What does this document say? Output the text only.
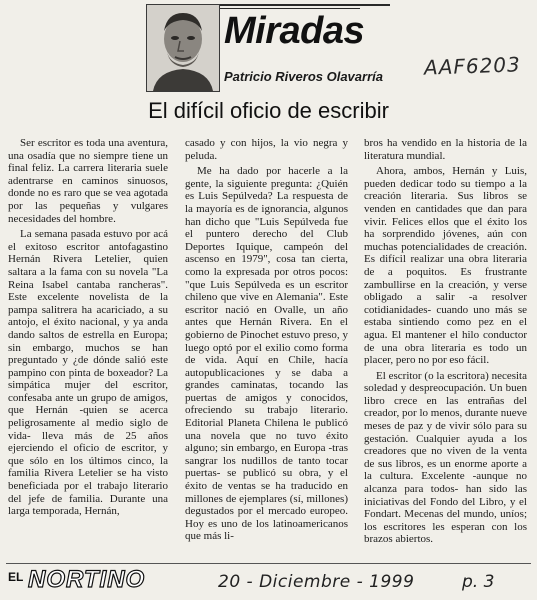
Miradas
Patricio Riveros Olavarría AAF6203
El difícil oficio de escribir

Ser escritor es toda una aventura, una osadía que no siempre tiene un final feliz. La carrera literaria suele adentrarse en caminos sinuosos, donde no es raro que se vea agotada por las pequeñas y vulgares necesidades del hombre.

La semana pasada estuvo por acá el exitoso escritor antofagastino Hernán Rivera Letelier, quien saltara a la fama con su novela "La Reina Isabel cantaba rancheras". Este excelente novelista de la pampa salitrera ha acariciado, a su antojo, el éxito nacional, y ya anda dando saltos de estrella en Europa; sin embargo, muchos se han preguntado y ¿de dónde salió este pampino con pinta de boxeador? La simpática mujer del escritor, confesaba ante un grupo de amigos, que Hernán -quien se acerca peligrosamente al medio siglo de vida- lleva más de 25 años ejerciendo el oficio de escritor, y que sólo en los últimos cinco, la familia Rivera Letelier se ha visto beneficiada por el trabajo literario del jefe de familia. Durante una larga temporada, Hernán,

casado y con hijos, la vio negra y peluda.

Me ha dado por hacerle a la gente, la siguiente pregunta: ¿Quién es Luis Sepúlveda? La respuesta de la mayoría es de ignorancia, algunos han dicho que "Luis Sepúlveda fue el puntero derecho del Club Deportes Iquique, campeón del ascenso en 1979", cosa tan cierta, como la expresada por otros pocos: "que Luis Sepúlveda es un escritor chileno que vive en Alemania". Este escritor nació en Ovalle, un año antes que Hernán Rivera. En el gobierno de Pinochet estuvo preso, y luego optó por el exilio como forma de vida. Aquí en Chile, hacía autopublicaciones y se daba a grandes caminatas, tocando las puertas de amigos y conocidos, ofreciendo su trabajo literario. Editorial Planeta Chilena le publicó una novela que no tuvo éxito alguno; sin embargo, en Europa -tras sangrar los nudillos de tanto tocar puertas- se publicó su obra, y el éxito de ventas se ha traducido en millones de ejemplares (sí, millones) degustados por el mercado europeo. Hoy es uno de los latinoamericanos que más li-

bros ha vendido en la historia de la literatura mundial.

Ahora, ambos, Hernán y Luis, pueden dedicar todo su tiempo a la creación literaria. Sus libros se venden en cantidades que dan para vivir. Felices ellos que el éxito los ha sorprendido jóvenes, aún con muchas potencialidades de creación. Es difícil realizar una obra literaria de a poquitos. Es frustrante zambullirse en la creación, y verse obligado a salir -a resolver cotidianidades- cuando uno más se estaba sintiendo como pez en el agua. El mantener el hilo conductor de una obra literaria es todo un placer, pero no por eso fácil.

El escritor (o la escritora) necesita soledad y despreocupación. Un buen libro crece en las entrañas del creador, por lo menos, durante nueve meses de paz y de vivir sólo para su gestación. Cualquier ayuda a los creadores que no viven de la venta de sus libros, es un enorme aporte a la cultura. Excelente -aunque no alcanza para todos- han sido las iniciativas del Fondo del Libro, y el Fondart. Mecenas del mundo, uníos; los escritores les esperan con los brazos abiertos.

EL NORTINO	20 - Diciembre - 1999	p. 3
